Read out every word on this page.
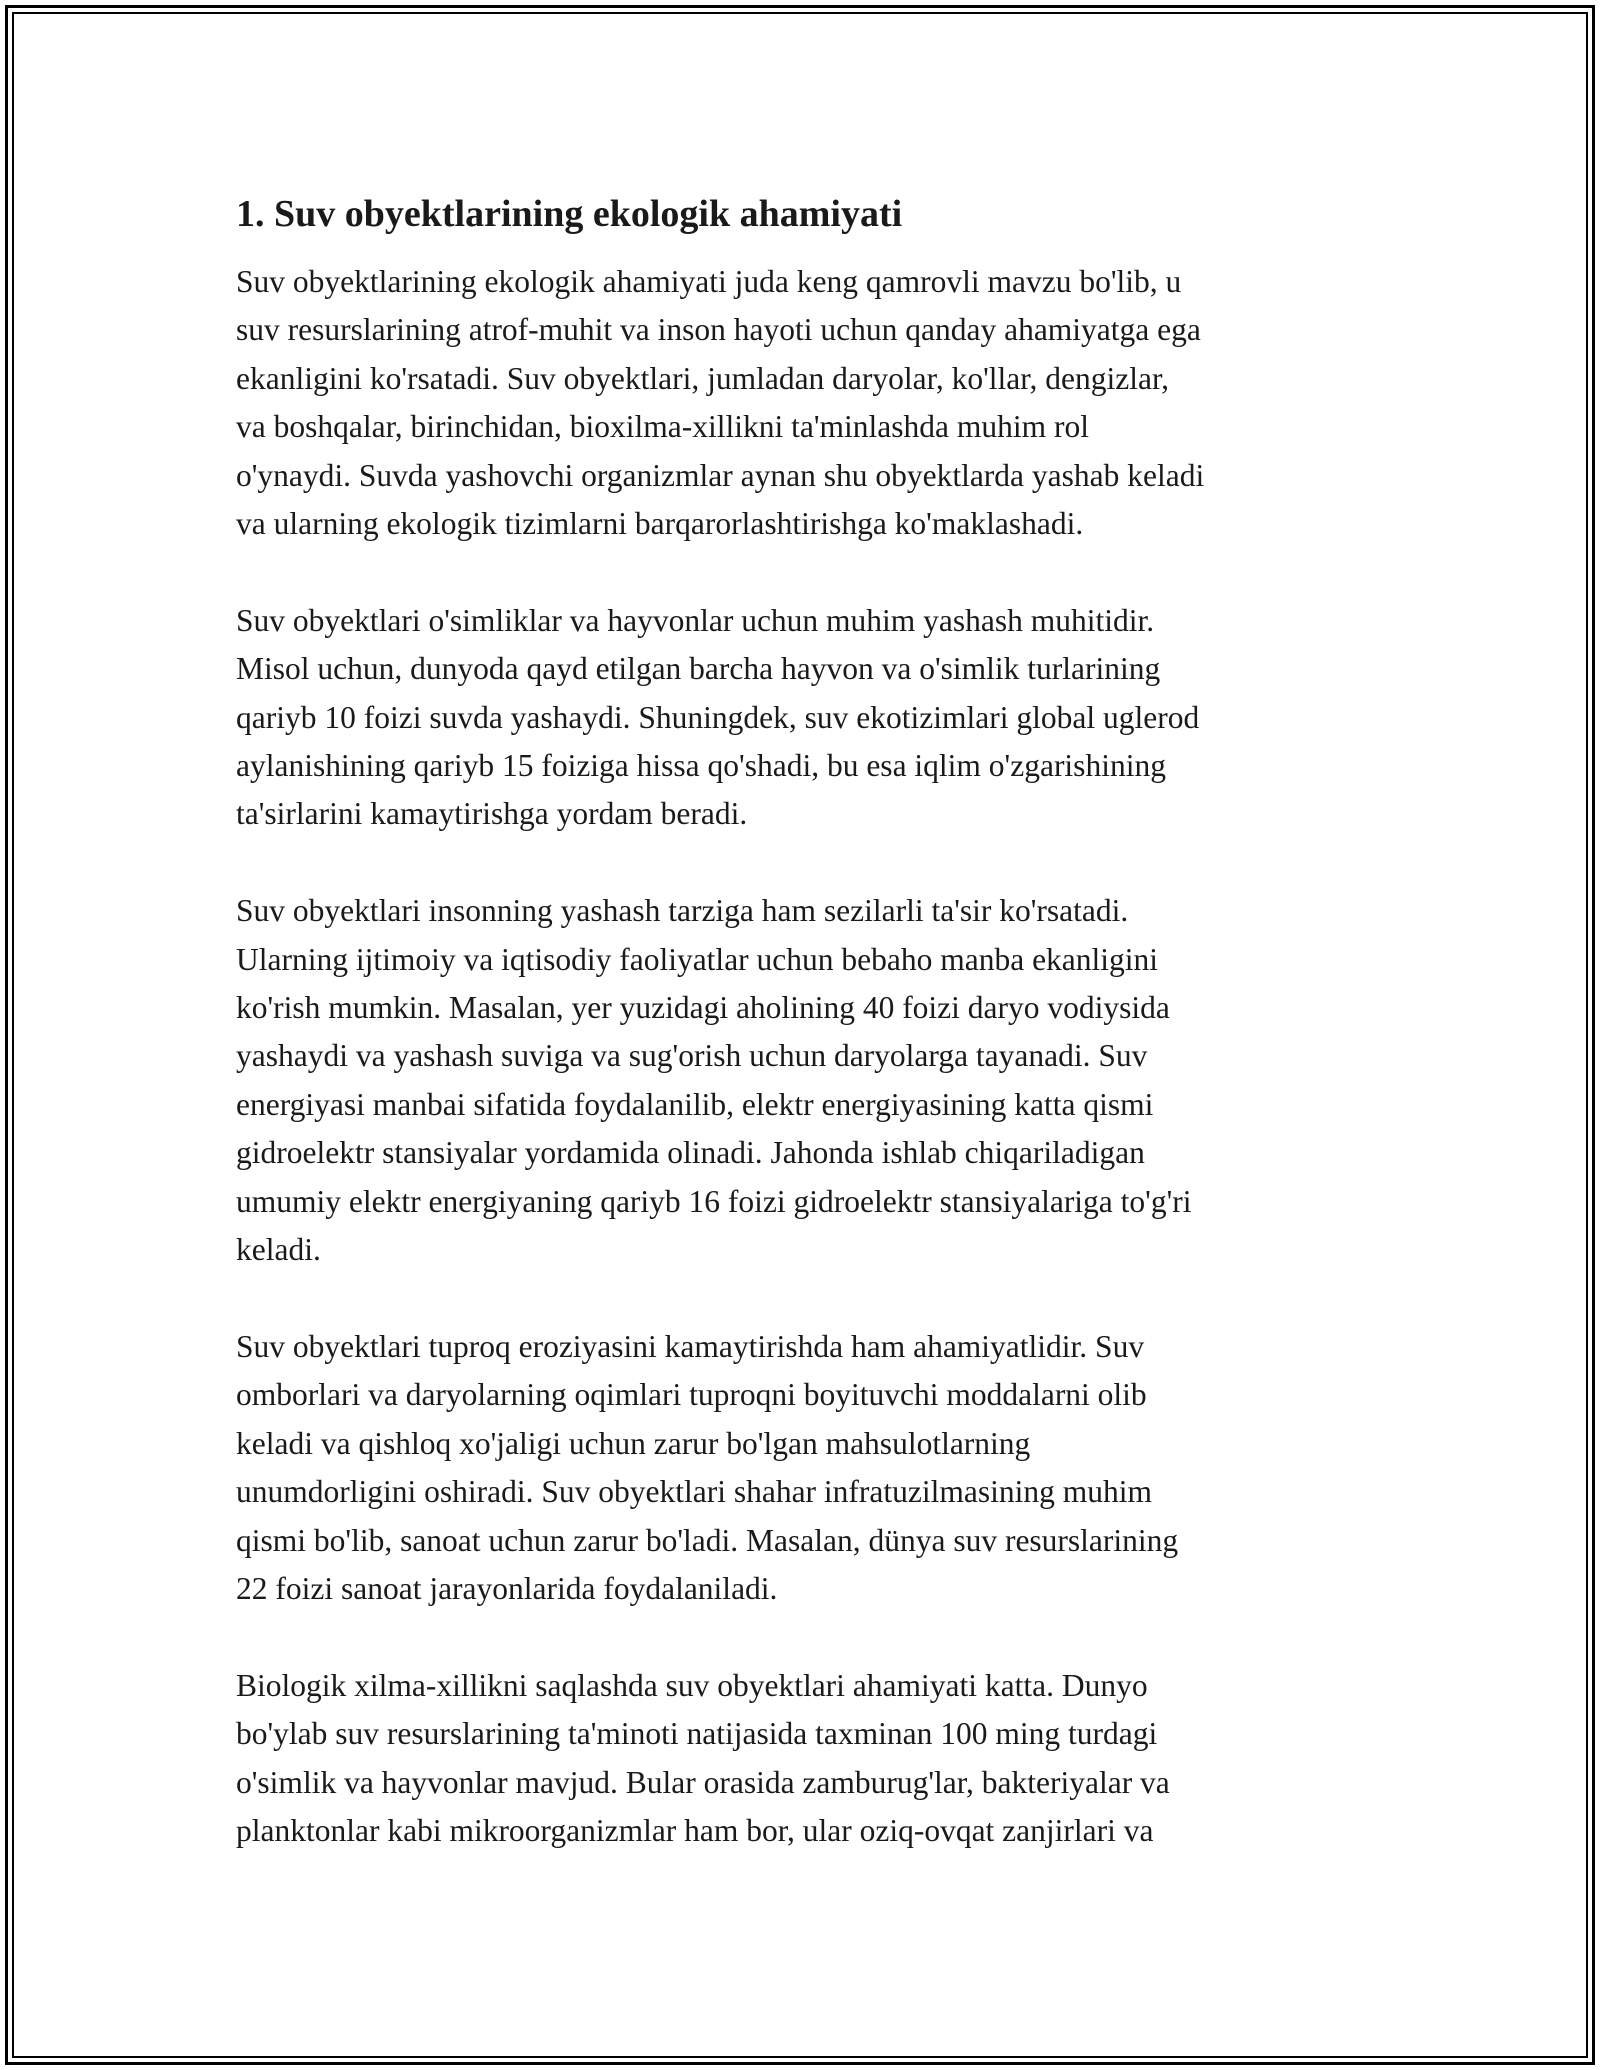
1. Suv obyektlarining ekologik ahamiyati

Suv obyektlarining ekologik ahamiyati juda keng qamrovli mavzu bo'lib, u
suv resurslarining atrof-muhit va inson hayoti uchun qanday ahamiyatga ega
ekanligini ko'rsatadi. Suv obyektlari, jumladan daryolar, ko'llar, dengizlar,
va boshqalar, birinchidan, bioxilma-xillikni ta'minlashda muhim rol
o'ynaydi. Suvda yashovchi organizmlar aynan shu obyektlarda yashab keladi
va ularning ekologik tizimlarni barqarorlashtirishga ko'maklashadi.

Suv obyektlari o'simliklar va hayvonlar uchun muhim yashash muhitidir.
Misol uchun, dunyoda qayd etilgan barcha hayvon va o'simlik turlarining
qariyb 10 foizi suvda yashaydi. Shuningdek, suv ekotizimlari global uglerod
aylanishining qariyb 15 foiziga hissa qo'shadi, bu esa iqlim o'zgarishining
ta'sirlarini kamaytirishga yordam beradi.

Suv obyektlari insonning yashash tarziga ham sezilarli ta'sir ko'rsatadi.
Ularning ijtimoiy va iqtisodiy faoliyatlar uchun bebaho manba ekanligini
ko'rish mumkin. Masalan, yer yuzidagi aholining 40 foizi daryo vodiysida
yashaydi va yashash suviga va sug'orish uchun daryolarga tayanadi. Suv
energiyasi manbai sifatida foydalanilib, elektr energiyasining katta qismi
gidroelektr stansiyalar yordamida olinadi. Jahonda ishlab chiqariladigan
umumiy elektr energiyaning qariyb 16 foizi gidroelektr stansiyalariga to'g'ri
keladi.

Suv obyektlari tuproq eroziyasini kamaytirishda ham ahamiyatlidir. Suv
omborlari va daryolarning oqimlari tuproqni boyituvchi moddalarni olib
keladi va qishloq xo'jaligi uchun zarur bo'lgan mahsulotlarning
unumdorligini oshiradi. Suv obyektlari shahar infratuzilmasining muhim
qismi bo'lib, sanoat uchun zarur bo'ladi. Masalan, dünya suv resurslarining
22 foizi sanoat jarayonlarida foydalaniladi.

Biologik xilma-xillikni saqlashda suv obyektlari ahamiyati katta. Dunyo
bo'ylab suv resurslarining ta'minoti natijasida taxminan 100 ming turdagi
o'simlik va hayvonlar mavjud. Bular orasida zamburug'lar, bakteriyalar va
planktonlar kabi mikroorganizmlar ham bor, ular oziq-ovqat zanjirlari va
